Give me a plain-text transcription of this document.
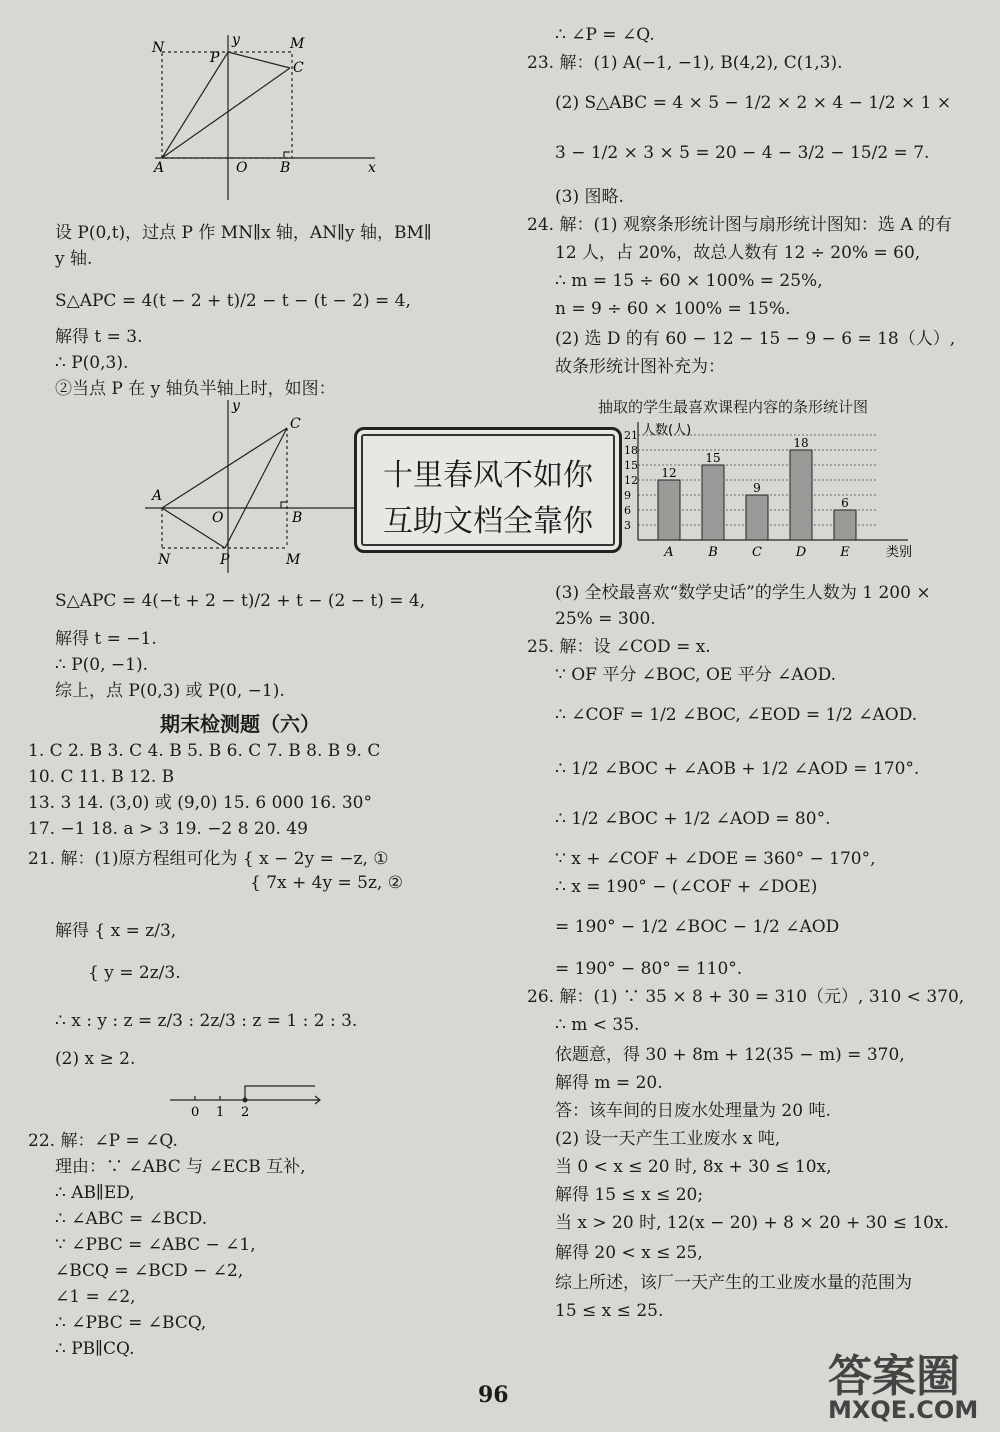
N
P
y	M
C
A	O B	x
设 P(0,t)，过点 P 作 MN∥x 轴，AN∥y 轴，BM∥
y 轴.
S△APC = 4(t − 2 + t)/2 − t − (t − 2) = 4,
解得 t = 3.
∴ P(0,3).
②当点 P 在 y 轴负半轴上时，如图：
y
C
A
O	B
N	P	M
S△APC = 4(−t + 2 − t)/2 + t − (2 − t) = 4,
解得 t = −1.
∴ P(0, −1).
综上，点 P(0,3) 或 P(0, −1).
期末检测题（六）
1. C 2. B 3. C 4. B 5. B 6. C 7. B 8. B 9. C
10. C 11. B 12. B
13. 3 14. (3,0) 或 (9,0) 15. 6 000 16. 30°
17. −1 18. a > 3 19. −2 8 20. 49
21. 解：(1)原方程组可化为 { x − 2y = −z, ①
{ 7x + 4y = 5z, ②
解得 { x = z/3,
{ y = 2z/3.
∴ x : y : z = z/3 : 2z/3 : z = 1 : 2 : 3.
(2) x ≥ 2.
0 1 2
22. 解：∠P = ∠Q.
理由：∵ ∠ABC 与 ∠ECB 互补,
∴ AB∥ED,
∴ ∠ABC = ∠BCD.
∵ ∠PBC = ∠ABC − ∠1,
∠BCQ = ∠BCD − ∠2,
∠1 = ∠2,
∴ ∠PBC = ∠BCQ,
∴ PB∥CQ.
∴ ∠P = ∠Q.
23. 解：(1) A(−1, −1), B(4,2), C(1,3).
(2) S△ABC = 4 × 5 − 1/2 × 2 × 4 − 1/2 × 1 ×
3 − 1/2 × 3 × 5 = 20 − 4 − 3/2 − 15/2 = 7.
(3) 图略.
24. 解：(1) 观察条形统计图与扇形统计图知：选 A 的有
12 人，占 20%，故总人数有 12 ÷ 20% = 60,
∴ m = 15 ÷ 60 × 100% = 25%,
n = 9 ÷ 60 × 100% = 15%.
(2) 选 D 的有 60 − 12 − 15 − 9 − 6 = 18（人）,
故条形统计图补充为：
抽取的学生最喜欢课程内容的条形统计图
3
6
9
12
15
18
21 人数(人)
类别
12
A
15
B
9
C
18
D
6
E
(3) 全校最喜欢“数学史话”的学生人数为 1 200 ×
25% = 300.
25. 解：设 ∠COD = x.
∵ OF 平分 ∠BOC, OE 平分 ∠AOD.
∴ ∠COF = 1/2 ∠BOC, ∠EOD = 1/2 ∠AOD.
∴ 1/2 ∠BOC + ∠AOB + 1/2 ∠AOD = 170°.
∴ 1/2 ∠BOC + 1/2 ∠AOD = 80°.
∵ x + ∠COF + ∠DOE = 360° − 170°,
∴ x = 190° − (∠COF + ∠DOE)
= 190° − 1/2 ∠BOC − 1/2 ∠AOD
= 190° − 80° = 110°.
26. 解：(1) ∵ 35 × 8 + 30 = 310（元）, 310 < 370,
∴ m < 35.
依题意，得 30 + 8m + 12(35 − m) = 370,
解得 m = 20.
答：该车间的日废水处理量为 20 吨.
(2) 设一天产生工业废水 x 吨,
当 0 < x ≤ 20 时, 8x + 30 ≤ 10x,
解得 15 ≤ x ≤ 20;
当 x > 20 时, 12(x − 20) + 8 × 20 + 30 ≤ 10x.
解得 20 < x ≤ 25,
综上所述，该厂一天产生的工业废水量的范围为
15 ≤ x ≤ 25.
十里春风不如你
互助文档全靠你
96	答案圈
MXQE.COM
